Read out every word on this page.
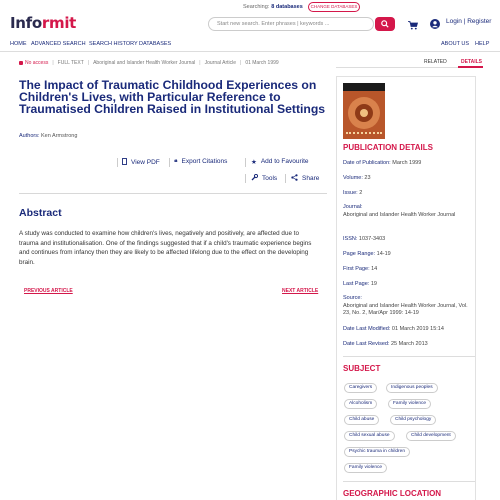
Informit
Searching: 8 databases	CHANGE DATABASES
Start new search. Enter phrases | keywords ...	Login | Register
HOME ADVANCED SEARCH SEARCH HISTORY DATABASES	ABOUT US HELP
No access | FULL TEXT | Aboriginal and Islander Health Worker Journal | Journal Article | 01 March 1999
The Impact of Traumatic Childhood Experiences on Children's Lives, with Particular Reference to Traumatised Children Raised in Institutional Settings
Authors: Ken Armstrong
View PDF ❝ Export Citations	★ Add to Favourite
Tools	Share
Abstract
A study was conducted to examine how children's lives, negatively and positively, are affected due to trauma and institutionalisation. One of the findings suggested that if a child's traumatic experience begins and continues from infancy then they are likely to be affected lifelong due to the effect on the developing brain.
PREVIOUS ARTICLE	NEXT ARTICLE
RELATED	DETAILS
PUBLICATION DETAILS
Date of Publication: March 1999
Volume: 23
Issue: 2
Journal:
Aboriginal and Islander Health Worker Journal
ISSN: 1037-3403
Page Range: 14-19
First Page: 14
Last Page: 19
Source:
Aboriginal and Islander Health Worker Journal, Vol. 23, No. 2, Mar/Apr 1999: 14-19
Date Last Modified: 01 March 2019 15:14
Date Last Revised: 25 March 2013
SUBJECT
Caregivers	Indigenous peoples
Alcoholism	Family violence
Child abuse	Child psychology
Child sexual abuse	Child development
Psychic trauma in children
Family violence
GEOGRAPHIC LOCATION
